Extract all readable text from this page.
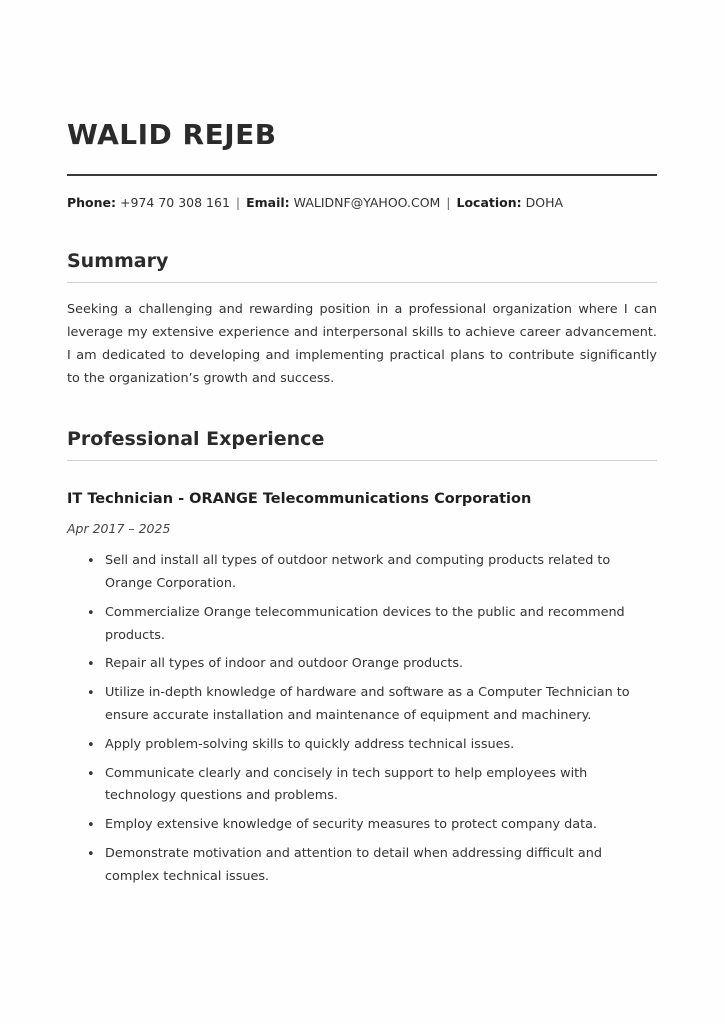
WALID REJEB
Phone: +974 70 308 161 | Email: WALIDNF@YAHOO.COM | Location: DOHA
Summary
Seeking a challenging and rewarding position in a professional organization where I can leverage my extensive experience and interpersonal skills to achieve career advancement. I am dedicated to developing and implementing practical plans to contribute significantly to the organization’s growth and success.
Professional Experience
IT Technician - ORANGE Telecommunications Corporation
Apr 2017 – 2025
• Sell and install all types of outdoor network and computing products related to Orange Corporation.
• Commercialize Orange telecommunication devices to the public and recommend products.
• Repair all types of indoor and outdoor Orange products.
• Utilize in-depth knowledge of hardware and software as a Computer Technician to ensure accurate installation and maintenance of equipment and machinery.
• Apply problem-solving skills to quickly address technical issues.
• Communicate clearly and concisely in tech support to help employees with technology questions and problems.
• Employ extensive knowledge of security measures to protect company data.
• Demonstrate motivation and attention to detail when addressing difficult and complex technical issues.
